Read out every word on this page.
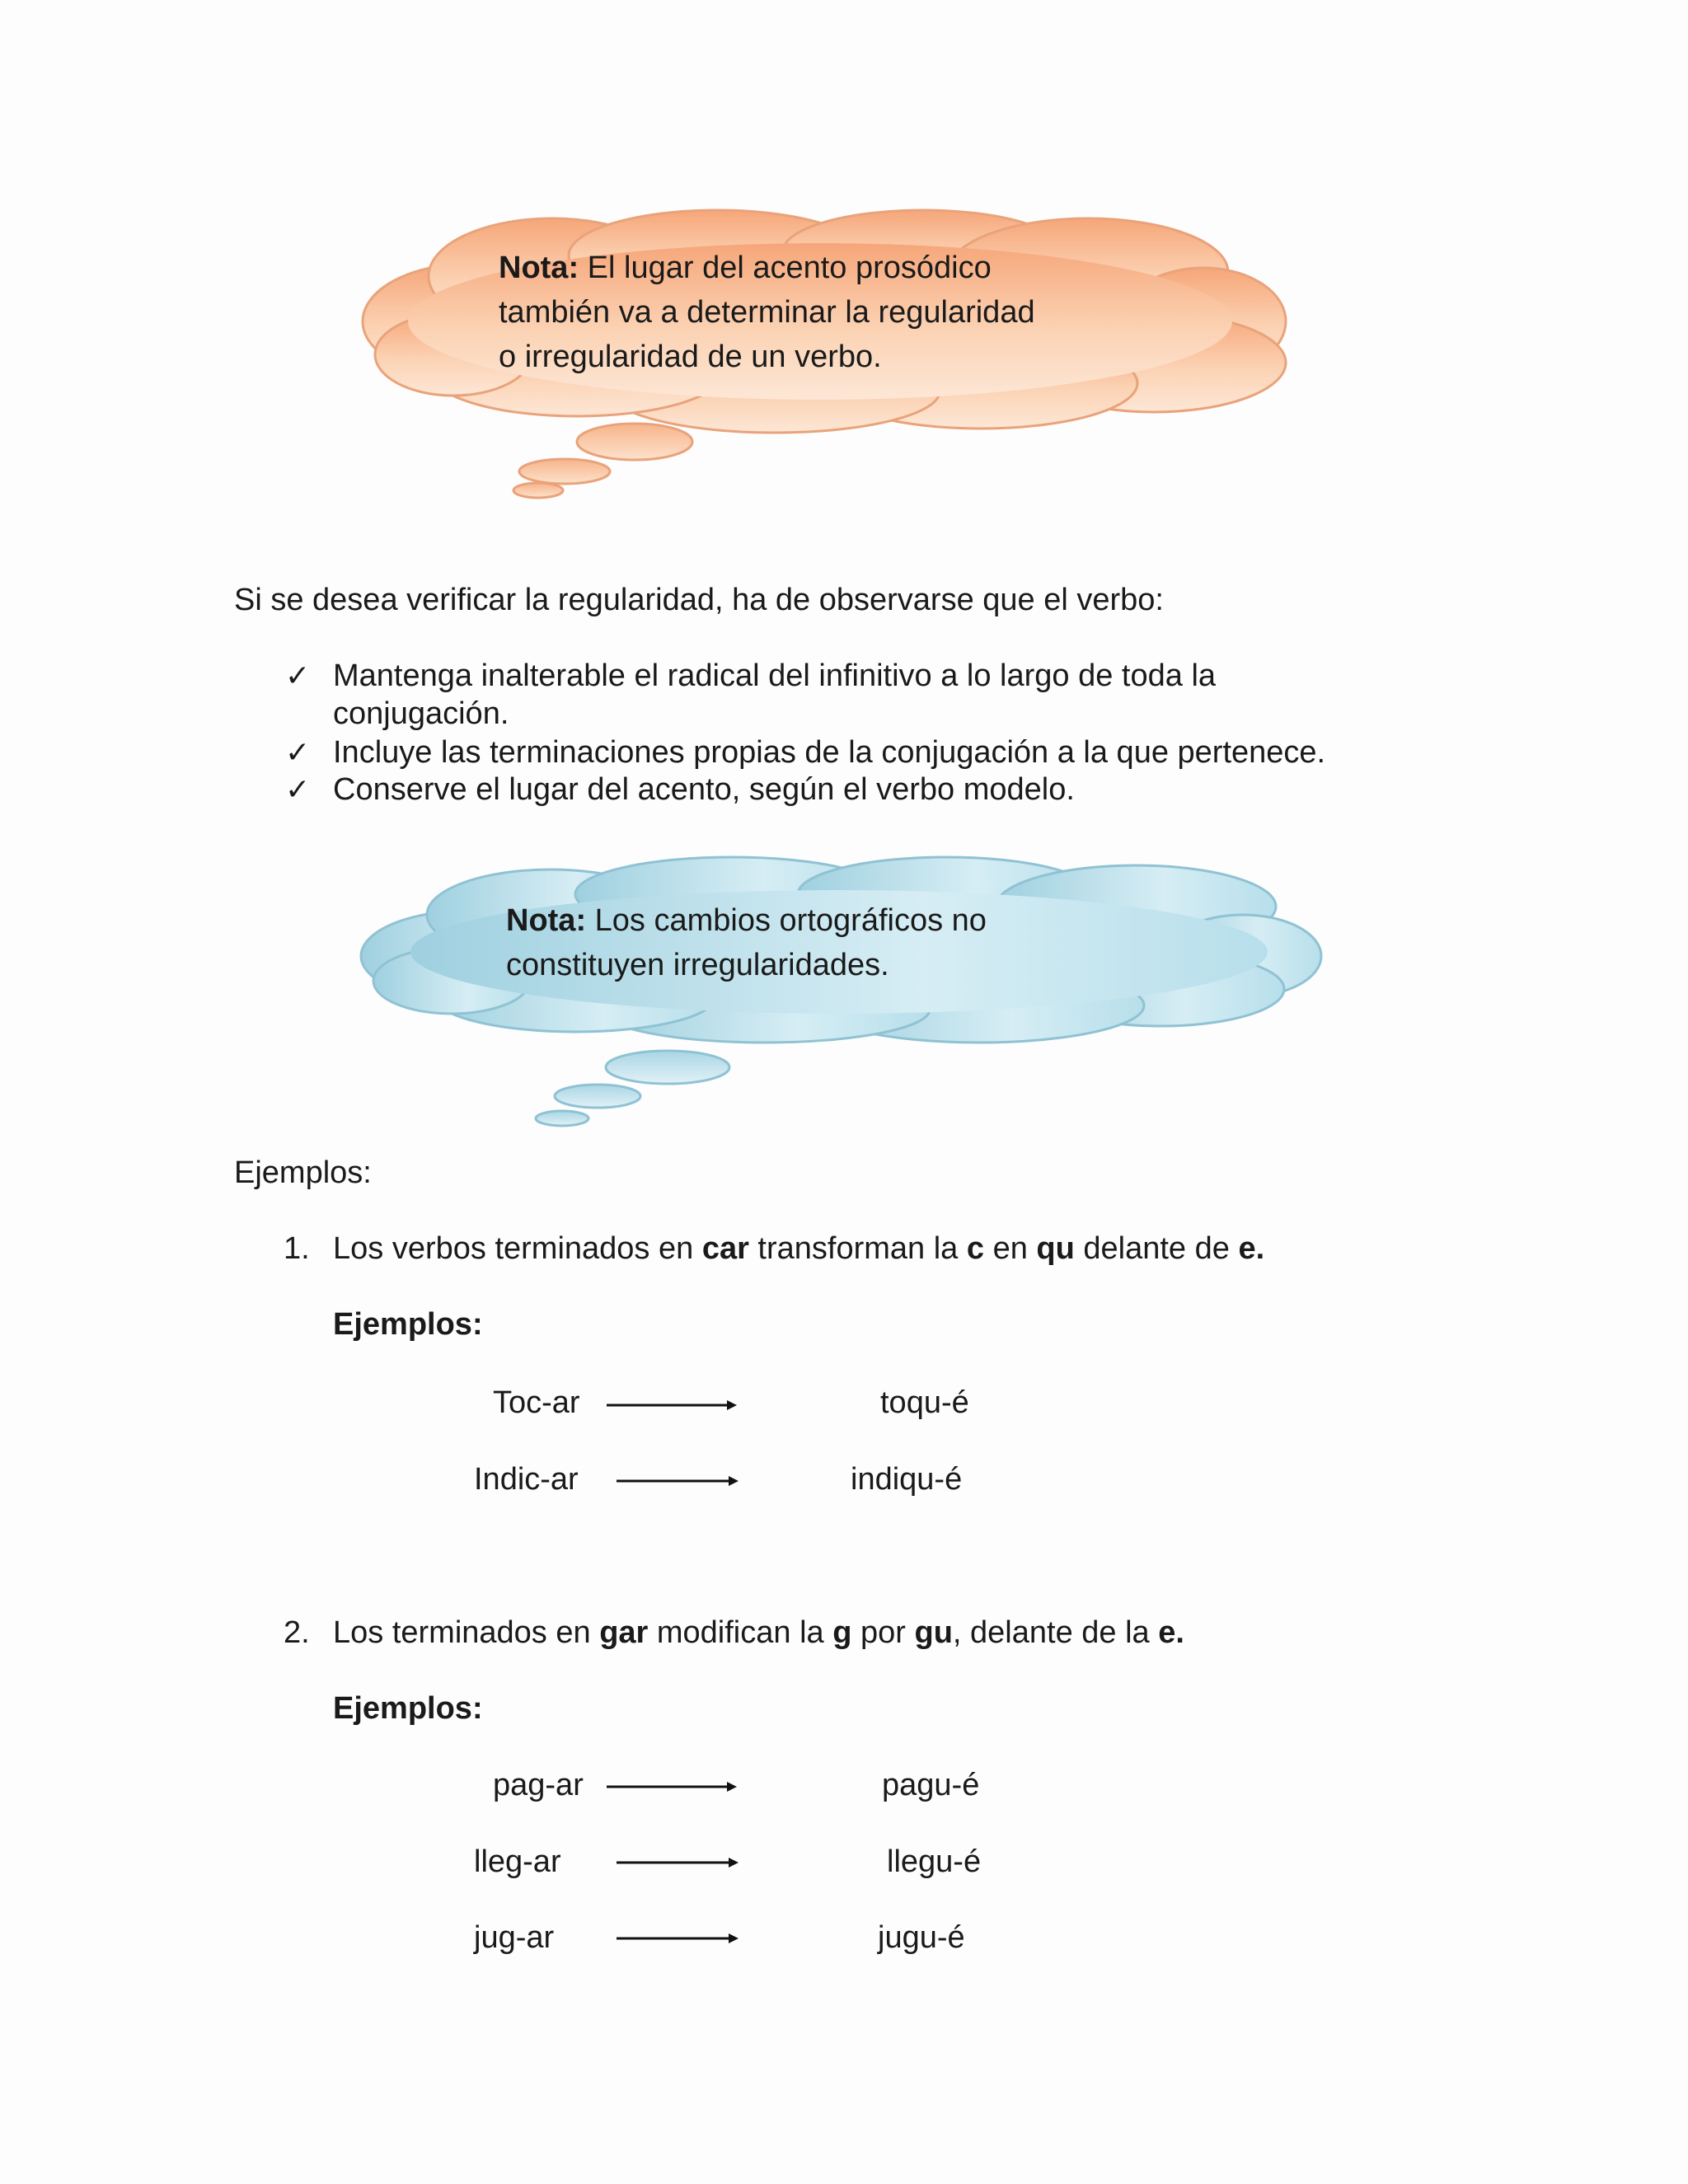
Nota: El lugar del acento prosódico
también va a determinar la regularidad
o irregularidad de un verbo.
Si se desea verificar la regularidad, ha de observarse que el verbo:
✓ Mantenga inalterable el radical del infinitivo a lo largo de toda la
conjugación.
✓ Incluye las terminaciones propias de la conjugación a la que pertenece.
✓ Conserve el lugar del acento, según el verbo modelo.
Nota: Los cambios ortográficos no
constituyen irregularidades.
Ejemplos:
1. Los verbos terminados en car transforman la c en qu delante de e.
Ejemplos:
Toc-ar	toqu-é
Indic-ar	indiqu-é
2. Los terminados en gar modifican la g por gu, delante de la e.
Ejemplos:
pag-ar	pagu-é
lleg-ar	llegu-é
jug-ar	jugu-é
